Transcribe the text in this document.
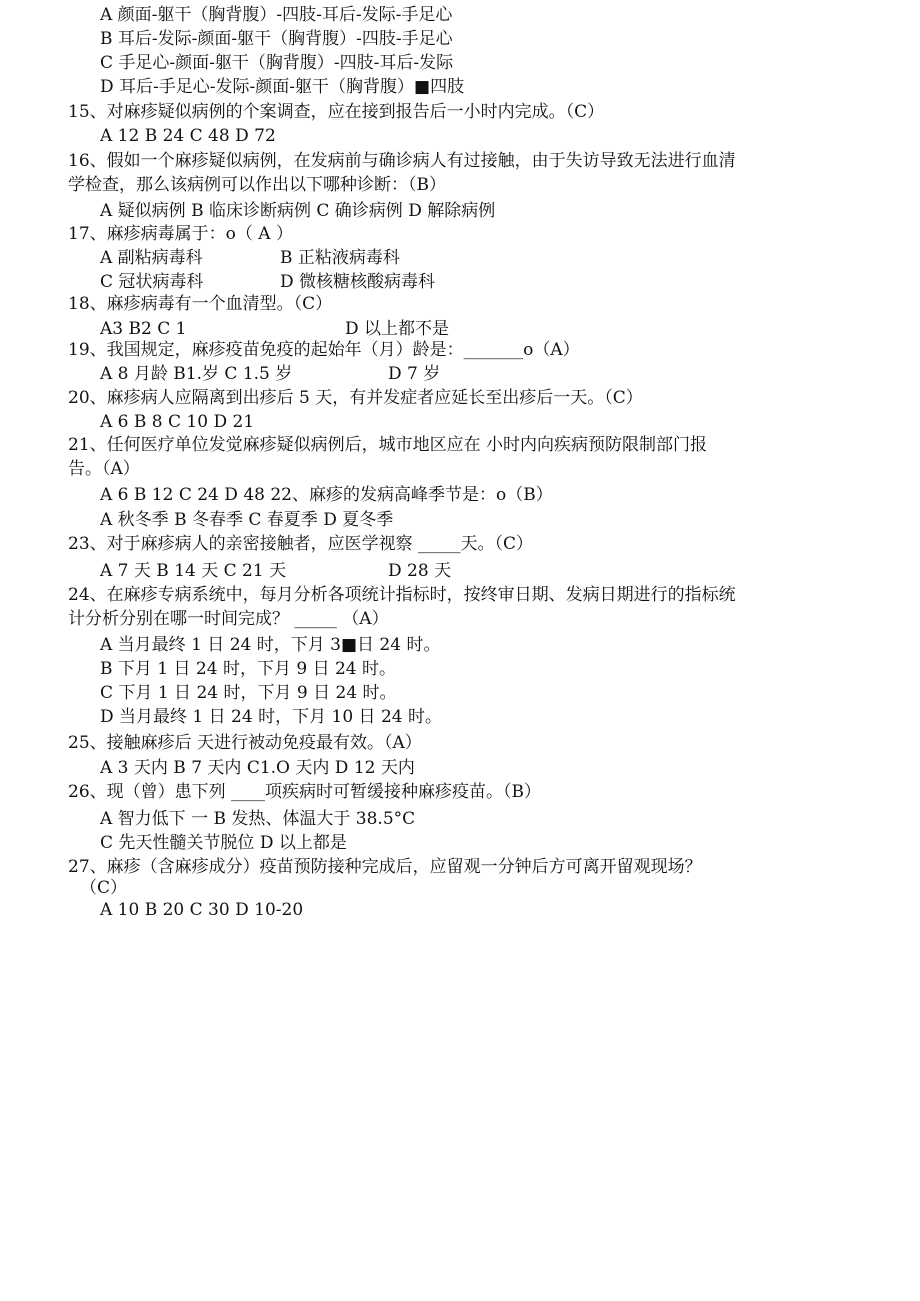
A 颜面-躯干（胸背腹）-四肢-耳后-发际-手足心
B 耳后-发际-颜面-躯干（胸背腹）-四肢-手足心
C 手足心-颜面-躯干（胸背腹）-四肢-耳后-发际
D 耳后-手足心-发际-颜面-躯干（胸背腹）■四肢
15、对麻疹疑似病例的个案调查，应在接到报告后一小时内完成。（C）
A 12 B 24 C 48 D 72
16、假如一个麻疹疑似病例，在发病前与确诊病人有过接触，由于失访导致无法进行血清
学检查，那么该病例可以作出以下哪种诊断：（B）
A 疑似病例 B 临床诊断病例 C 确诊病例 D 解除病例
17、麻疹病毒属于：o（ A ）
A 副粘病毒科	B 正粘液病毒科
C 冠状病毒科	D 微核糖核酸病毒科
18、麻疹病毒有一个血清型。（C）
A3 B2 C 1	D 以上都不是
19、我国规定，麻疹疫苗免疫的起始年（月）龄是：_______o（A）
A 8 月龄 B1.岁 C 1.5 岁	D 7 岁
20、麻疹病人应隔离到出疹后 5 天，有并发症者应延长至出疹后一天。（C）
A 6 B 8 C 10 D 21
21、任何医疗单位发觉麻疹疑似病例后，城市地区应在 小时内向疾病预防限制部门报
告。（A）
A 6 B 12 C 24 D 48 22、麻疹的发病高峰季节是：o（B）
A 秋冬季 B 冬春季 C 春夏季 D 夏冬季
23、对于麻疹病人的亲密接触者，应医学视察 _____天。（C）
A 7 天 B 14 天 C 21 天	D 28 天
24、在麻疹专病系统中，每月分析各项统计指标时，按终审日期、发病日期进行的指标统
计分析分别在哪一时间完成？ _____ （A）
A 当月最终 1 日 24 时，下月 3■日 24 时。
B 下月 1 日 24 时，下月 9 日 24 时。
C 下月 1 日 24 时，下月 9 日 24 时。
D 当月最终 1 日 24 时，下月 10 日 24 时。
25、接触麻疹后 天进行被动免疫最有效。（A）
A 3 天内 B 7 天内 C1.O 天内 D 12 天内
26、现（曾）患下列 ____项疾病时可暂缓接种麻疹疫苗。（B）
A 智力低下 一 B 发热、体温大于 38.5°C
C 先天性髓关节脱位 D 以上都是
27、麻疹（含麻疹成分）疫苗预防接种完成后，应留观一分钟后方可离开留观现场？
（C）
A 10 B 20 C 30 D 10-20
